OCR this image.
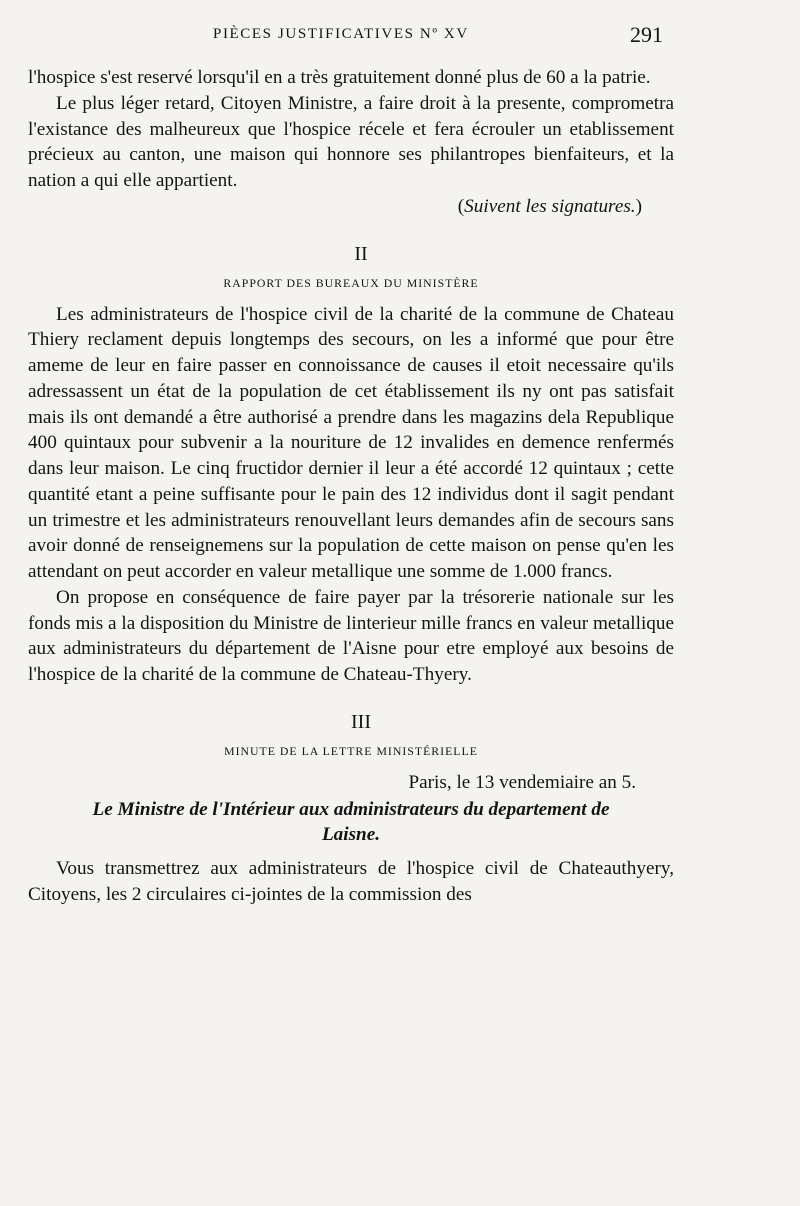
PIÈCES JUSTIFICATIVES Nº XV	291

l'hospice s'est reservé lorsqu'il en a très gratuitement donné plus de 60 a la patrie.

Le plus léger retard, Citoyen Ministre, a faire droit à la presente, comprometra l'existance des malheureux que l'hospice récele et fera écrouler un etablissement précieux au canton, une maison qui honnore ses philantropes bienfaiteurs, et la nation a qui elle appartient.

(Suivent les signatures.)

II
RAPPORT DES BUREAUX DU MINISTÈRE

Les administrateurs de l'hospice civil de la charité de la commune de Chateau Thiery reclament depuis longtemps des secours, on les a informé que pour être ameme de leur en faire passer en connoissance de causes il etoit necessaire qu'ils adressassent un état de la population de cet établissement ils ny ont pas satisfait mais ils ont demandé a être authorisé a prendre dans les magazins dela Republique 400 quintaux pour subvenir a la nouriture de 12 invalides en demence renfermés dans leur maison. Le cinq fructidor dernier il leur a été accordé 12 quintaux ; cette quantité etant a peine suffisante pour le pain des 12 individus dont il sagit pendant un trimestre et les administrateurs renouvellant leurs demandes afin de secours sans avoir donné de renseignemens sur la population de cette maison on pense qu'en les attendant on peut accorder en valeur metallique une somme de 1.000 francs.

On propose en conséquence de faire payer par la trésorerie nationale sur les fonds mis a la disposition du Ministre de linterieur mille francs en valeur metallique aux administrateurs du département de l'Aisne pour etre employé aux besoins de l'hospice de la charité de la commune de Chateau-Thyery.

III
MINUTE DE LA LETTRE MINISTÉRIELLE

Paris, le 13 vendemiaire an 5.

Le Ministre de l'Intérieur aux administrateurs du departement de

Laisne.

Vous transmettrez aux administrateurs de l'hospice civil de Chateauthyery, Citoyens, les 2 circulaires ci-jointes de la commission des
